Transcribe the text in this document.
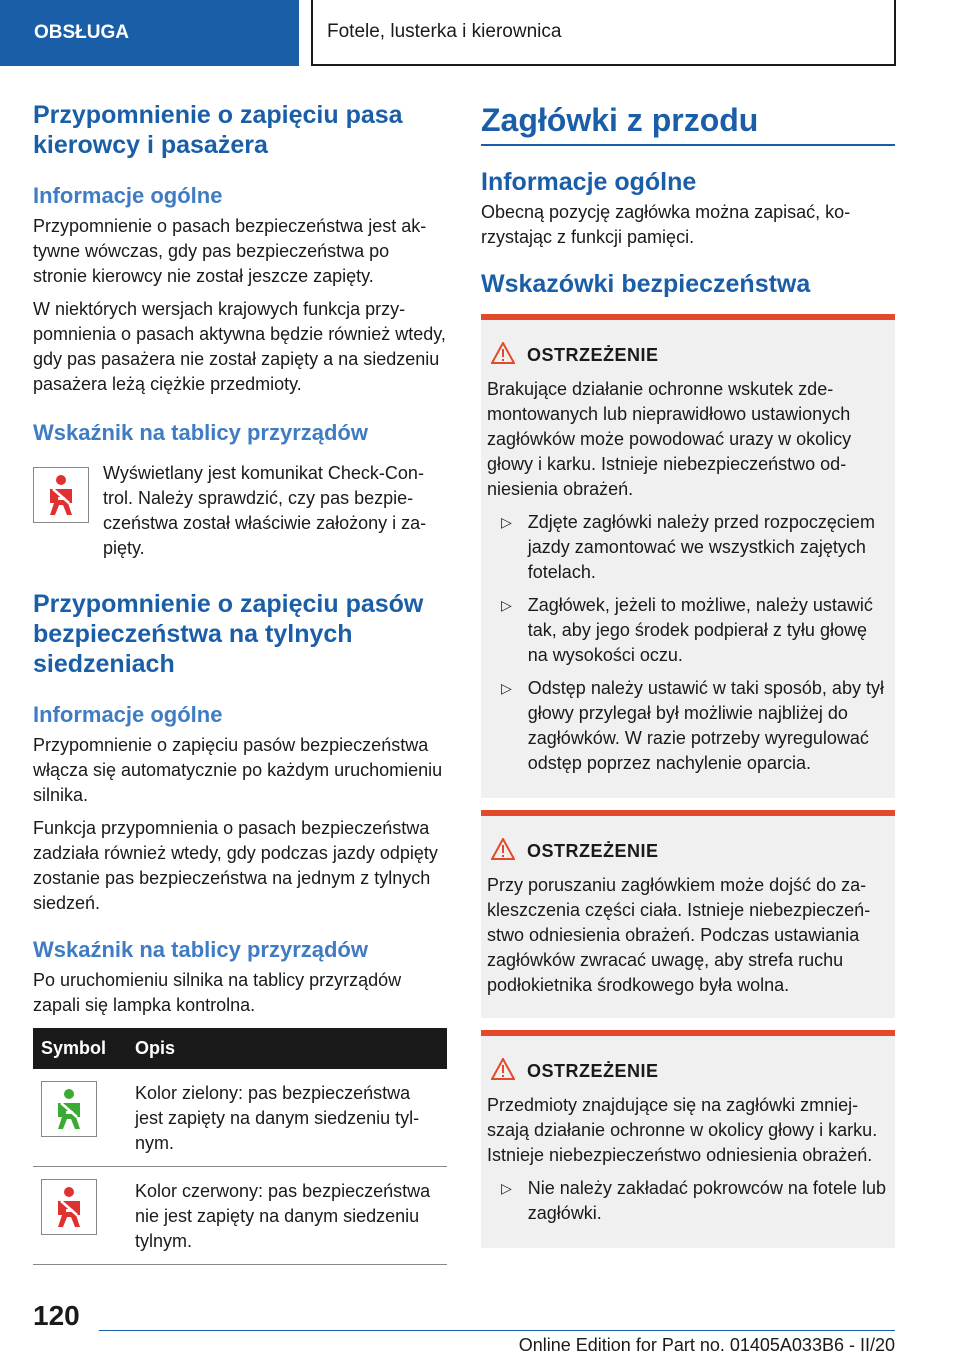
OBSŁUGA	Fotele, lusterka i kierownica
Przypomnienie o zapięciu pasa kierowcy i pasażera
Informacje ogólne

Przypomnienie o pasach bezpieczeństwa jest aktywne wówczas, gdy pas bezpieczeństwa po stronie kierowcy nie został jeszcze zapięty.

W niektórych wersjach krajowych funkcja przypomnienia o pasach aktywna będzie również wtedy, gdy pas pasażera nie został zapięty a na siedzeniu pasażera leżą ciężkie przedmioty.

Wskaźnik na tablicy przyrządów

Wyświetlany jest komunikat Check-Control. Należy sprawdzić, czy pas bezpieczeństwa został właściwie założony i zapięty.

Przypomnienie o zapięciu pasów bezpieczeństwa na tylnych siedzeniach
Informacje ogólne

Przypomnienie o zapięciu pasów bezpieczeństwa włącza się automatycznie po każdym uruchomieniu silnika.

Funkcja przypomnienia o pasach bezpieczeństwa zadziała również wtedy, gdy podczas jazdy odpięty zostanie pas bezpieczeństwa na jednym z tylnych siedzeń.

Wskaźnik na tablicy przyrządów

Po uruchomieniu silnika na tablicy przyrządów zapali się lampka kontrolna.

Symbol	Opis

	Kolor zielony: pas bezpieczeństwa jest zapięty na danym siedzeniu tylnym.

	Kolor czerwony: pas bezpieczeństwa nie jest zapięty na danym siedzeniu tylnym.
Zagłówki z przodu
Informacje ogólne

Obecną pozycję zagłówka można zapisać, korzystając z funkcji pamięci.

Wskazówki bezpieczeństwa
OSTRZEŻENIE

Brakujące działanie ochronne wskutek zdemontowanych lub nieprawidłowo ustawionych zagłówków może powodować urazy w okolicy głowy i karku. Istnieje niebezpieczeństwo odniesienia obrażeń.

▷ Zdjęte zagłówki należy przed rozpoczęciem jazdy zamontować we wszystkich zajętych fotelach.
▷ Zagłówek, jeżeli to możliwe, należy ustawić tak, aby jego środek podpierał z tyłu głowę na wysokości oczu.
▷ Odstęp należy ustawić w taki sposób, aby tył głowy przylegał był możliwie najbliżej do zagłówków. W razie potrzeby wyregulować odstęp poprzez nachylenie oparcia.
OSTRZEŻENIE

Przy poruszaniu zagłówkiem może dojść do zakleszczenia części ciała. Istnieje niebezpieczeństwo odniesienia obrażeń. Podczas ustawiania zagłówków zwracać uwagę, aby strefa ruchu podłokietnika środkowego była wolna.

OSTRZEŻENIE

Przedmioty znajdujące się na zagłówki zmniejszają działanie ochronne w okolicy głowy i karku. Istnieje niebezpieczeństwo odniesienia obrażeń.

▷ Nie należy zakładać pokrowców na fotele lub zagłówki.
120
Online Edition for Part no. 01405A033B6 - II/20
